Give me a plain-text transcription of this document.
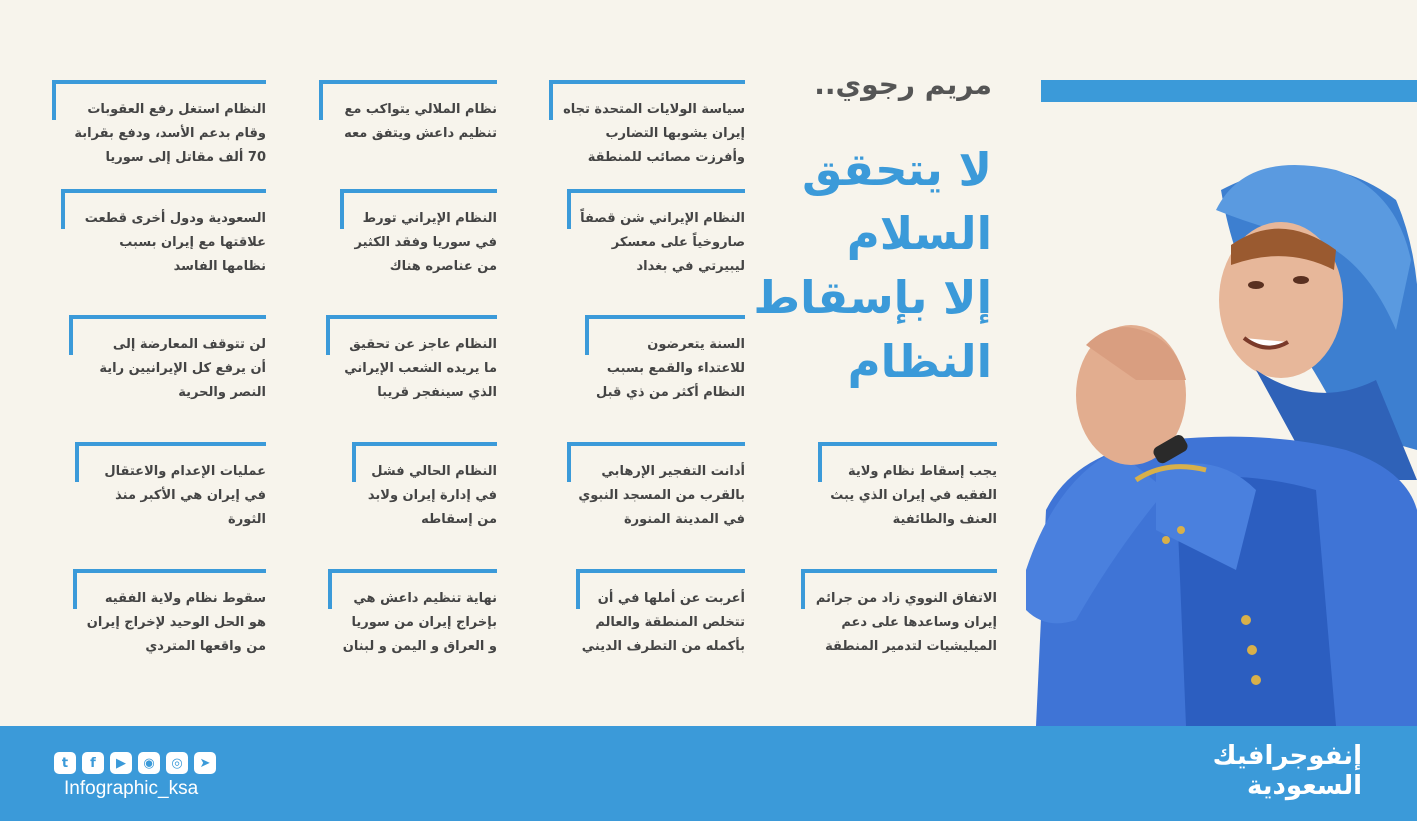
مريم رجوي..
لا يتحقق
السلام
إلا بإسقاط
النظام
سياسة الولايات المتحدة تجاه
إيران يشوبها التضارب
وأفرزت مصائب للمنطقة
نظام الملالي يتواكب مع
تنظيم داعش ويتفق معه
النظام استغل رفع العقوبات
وقام بدعم الأسد، ودفع بقرابة
70 ألف مقاتل إلى سوريا
النظام الإيراني شن قصفاً
صاروخياً على معسكر
ليبيرتي في بغداد
النظام الإيراني تورط
في سوريا وفقد الكثير
من عناصره هناك
السعودية ودول أخرى قطعت
علاقتها مع إيران بسبب
نظامها الفاسد
السنة يتعرضون
للاعتداء والقمع بسبب
النظام أكثر من ذي قبل
النظام عاجز عن تحقيق
ما يريده الشعب الإيراني
الذي سينفجر قريبا
لن تتوقف المعارضة إلى
أن يرفع كل الإيرانيين راية
النصر والحرية
يجب إسقاط نظام ولاية
الفقيه في إيران الذي يبث
العنف والطائفية
أدانت التفجير الإرهابي
بالقرب من المسجد النبوي
في المدينة المنورة
النظام الحالي فشل
في إدارة إيران ولابد
من إسقاطه
عمليات الإعدام والاعتقال
في إيران هي الأكبر منذ
الثورة
الاتفاق النووي زاد من جرائم
إيران وساعدها على دعم
الميليشيات لتدمير المنطقة
أعربت عن أملها في أن
تتخلص المنطقة والعالم
بأكمله من التطرف الديني
نهاية تنظيم داعش هي
بإخراج إيران من سوريا
و العراق و اليمن و لبنان
سقوط نظام ولاية الفقيه
هو الحل الوحيد لإخراج إيران
من واقعها المتردي
t	f	▶	◉	◎	➤
Infographic_ksa
إنفوجرافيك
السعودية
